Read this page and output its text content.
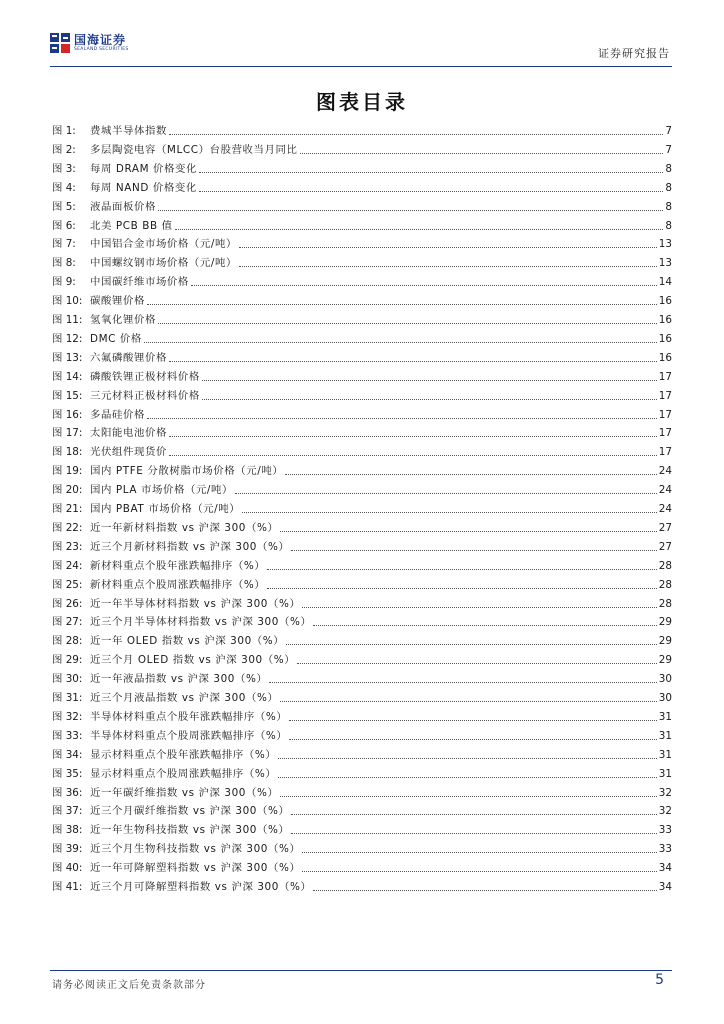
国海证券
SEALAND SECURITIES	证券研究报告
图表目录
图 1:	费城半导体指数	7
图 2:	多层陶瓷电容（MLCC）台股营收当月同比	7
图 3:	每周 DRAM 价格变化	8
图 4:	每周 NAND 价格变化	8
图 5:	液晶面板价格	8
图 6:	北美 PCB BB 值	8
图 7:	中国铝合金市场价格（元/吨）	13
图 8:	中国螺纹钢市场价格（元/吨）	13
图 9:	中国碳纤维市场价格	14
图 10: 碳酸锂价格	16
图 11: 氢氧化锂价格	16
图 12: DMC 价格	16
图 13: 六氟磷酸锂价格	16
图 14: 磷酸铁锂正极材料价格	17
图 15: 三元材料正极材料价格	17
图 16: 多晶硅价格	17
图 17: 太阳能电池价格	17
图 18: 光伏组件现货价	17
图 19: 国内 PTFE 分散树脂市场价格（元/吨）	24
图 20: 国内 PLA 市场价格（元/吨）	24
图 21: 国内 PBAT 市场价格（元/吨）	24
图 22: 近一年新材料指数 vs 沪深 300（%）	27
图 23: 近三个月新材料指数 vs 沪深 300（%）	27
图 24: 新材料重点个股年涨跌幅排序（%）	28
图 25: 新材料重点个股周涨跌幅排序（%）	28
图 26: 近一年半导体材料指数 vs 沪深 300（%）	28
图 27: 近三个月半导体材料指数 vs 沪深 300（%）	29
图 28: 近一年 OLED 指数 vs 沪深 300（%）	29
图 29: 近三个月 OLED 指数 vs 沪深 300（%）	29
图 30: 近一年液晶指数 vs 沪深 300（%）	30
图 31: 近三个月液晶指数 vs 沪深 300（%）	30
图 32: 半导体材料重点个股年涨跌幅排序（%）	31
图 33: 半导体材料重点个股周涨跌幅排序（%）	31
图 34: 显示材料重点个股年涨跌幅排序（%）	31
图 35: 显示材料重点个股周涨跌幅排序（%）	31
图 36: 近一年碳纤维指数 vs 沪深 300（%）	32
图 37: 近三个月碳纤维指数 vs 沪深 300（%）	32
图 38: 近一年生物科技指数 vs 沪深 300（%）	33
图 39: 近三个月生物科技指数 vs 沪深 300（%）	33
图 40: 近一年可降解塑料指数 vs 沪深 300（%）	34
图 41: 近三个月可降解塑料指数 vs 沪深 300（%）	34
请务必阅读正文后免责条款部分	5
